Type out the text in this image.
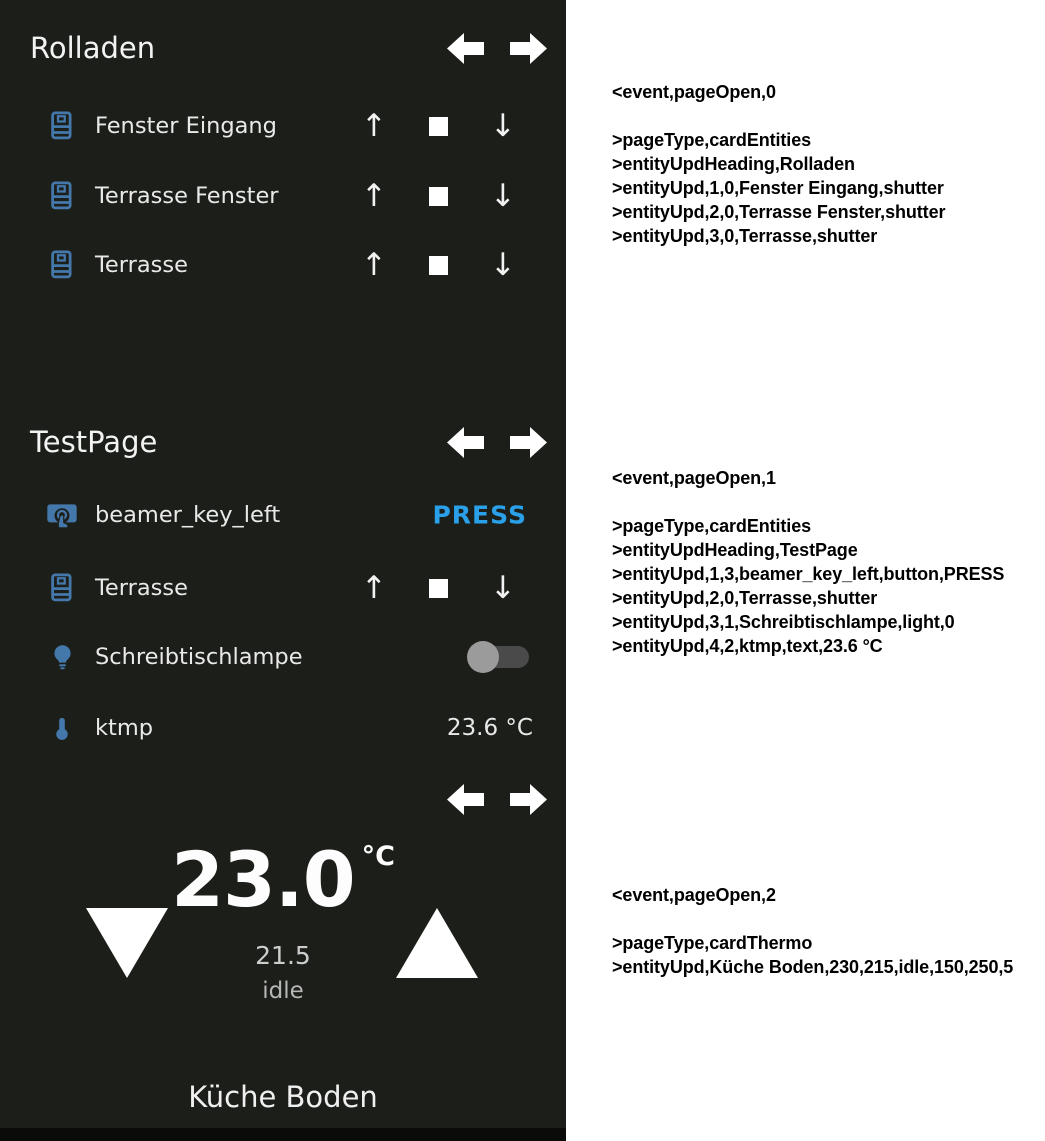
Rolladen
Fenster Eingang	↑	↓
Terrasse Fenster	↑	↓
Terrasse	↑	↓
TestPage
beamer_key_left	PRESS
Terrasse	↑	↓
Schreibtischlampe
ktmp	23.6 °C
23.0 °C
21.5
idle
Küche Boden
<event,pageOpen,0
>pageType,cardEntities
>entityUpdHeading,Rolladen
>entityUpd,1,0,Fenster Eingang,shutter
>entityUpd,2,0,Terrasse Fenster,shutter
>entityUpd,3,0,Terrasse,shutter
<event,pageOpen,1
>pageType,cardEntities
>entityUpdHeading,TestPage
>entityUpd,1,3,beamer_key_left,button,PRESS
>entityUpd,2,0,Terrasse,shutter
>entityUpd,3,1,Schreibtischlampe,light,0
>entityUpd,4,2,ktmp,text,23.6 °C
<event,pageOpen,2
>pageType,cardThermo
>entityUpd,Küche Boden,230,215,idle,150,250,5
